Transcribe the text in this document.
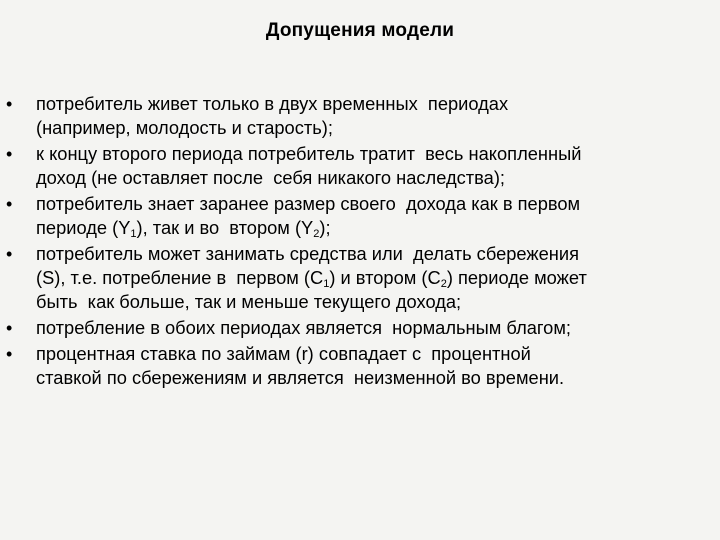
Допущения модели
• потребитель живет только в двух временных  периодах
(например, молодость и старость);
• к концу второго периода потребитель тратит  весь накопленный
доход (не оставляет после  себя никакого наследства);
• потребитель знает заранее размер своего  дохода как в первом
периоде $(Y_1)$, так и во  втором $(Y_2)$;
• потребитель может занимать средства или  делать сбережения
(S), т.е. потребление в  первом $(C_1)$ и втором $(C_2)$ периоде может
быть  как больше, так и меньше текущего дохода;
• потребление в обоих периодах является  нормальным благом;
• процентная ставка по займам (r) совпадает с  процентной
ставкой по сбережениям и является  неизменной во времени.
